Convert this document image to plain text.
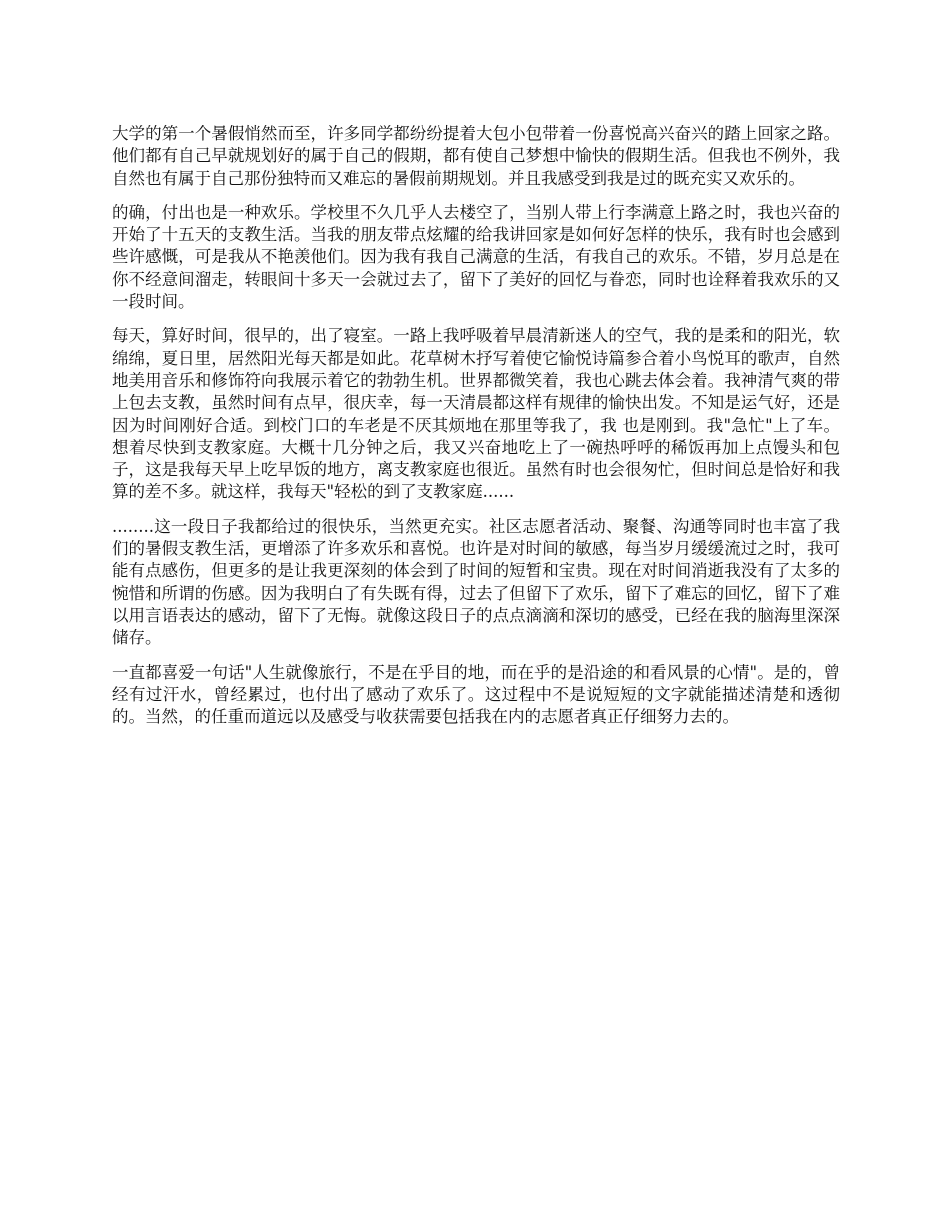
大学的第一个暑假悄然而至，许多同学都纷纷提着大包小包带着一份喜悦高兴奋兴的踏上回家之路。他们都有自己早就规划好的属于自己的假期，都有使自己梦想中愉快的假期生活。但我也不例外，我自然也有属于自己那份独特而又难忘的暑假前期规划。并且我感受到我是过的既充实又欢乐的。

的确，付出也是一种欢乐。学校里不久几乎人去楼空了，当别人带上行李满意上路之时，我也兴奋的开始了十五天的支教生活。当我的朋友带点炫耀的给我讲回家是如何好怎样的快乐，我有时也会感到些许感慨，可是我从不艳羡他们。因为我有我自己满意的生活，有我自己的欢乐。不错，岁月总是在你不经意间溜走，转眼间十多天一会就过去了，留下了美好的回忆与眷恋，同时也诠释着我欢乐的又一段时间。

每天，算好时间，很早的，出了寝室。一路上我呼吸着早晨清新迷人的空气，我的是柔和的阳光，软绵绵，夏日里，居然阳光每天都是如此。花草树木抒写着使它愉悦诗篇参合着小鸟悦耳的歌声，自然地美用音乐和修饰符向我展示着它的勃勃生机。世界都微笑着，我也心跳去体会着。我神清气爽的带上包去支教，虽然时间有点早，很庆幸，每一天清晨都这样有规律的愉快出发。不知是运气好，还是因为时间刚好合适。到校门口的车老是不厌其烦地在那里等我了，我 也是刚到。我"急忙"上了车。想着尽快到支教家庭。大概十几分钟之后，我又兴奋地吃上了一碗热呼呼的稀饭再加上点馒头和包子，这是我每天早上吃早饭的地方，离支教家庭也很近。虽然有时也会很匆忙，但时间总是恰好和我算的差不多。就这样，我每天"轻松的到了支教家庭......

........这一段日子我都给过的很快乐，当然更充实。社区志愿者活动、聚餐、沟通等同时也丰富了我们的暑假支教生活，更增添了许多欢乐和喜悦。也许是对时间的敏感，每当岁月缓缓流过之时，我可能有点感伤，但更多的是让我更深刻的体会到了时间的短暂和宝贵。现在对时间消逝我没有了太多的惋惜和所谓的伤感。因为我明白了有失既有得，过去了但留下了欢乐，留下了难忘的回忆，留下了难以用言语表达的感动，留下了无悔。就像这段日子的点点滴滴和深切的感受，已经在我的脑海里深深储存。

一直都喜爱一句话"人生就像旅行，不是在乎目的地，而在乎的是沿途的和看风景的心情"。是的，曾经有过汗水，曾经累过，也付出了感动了欢乐了。这过程中不是说短短的文字就能描述清楚和透彻的。当然，的任重而道远以及感受与收获需要包括我在内的志愿者真正仔细努力去的。
